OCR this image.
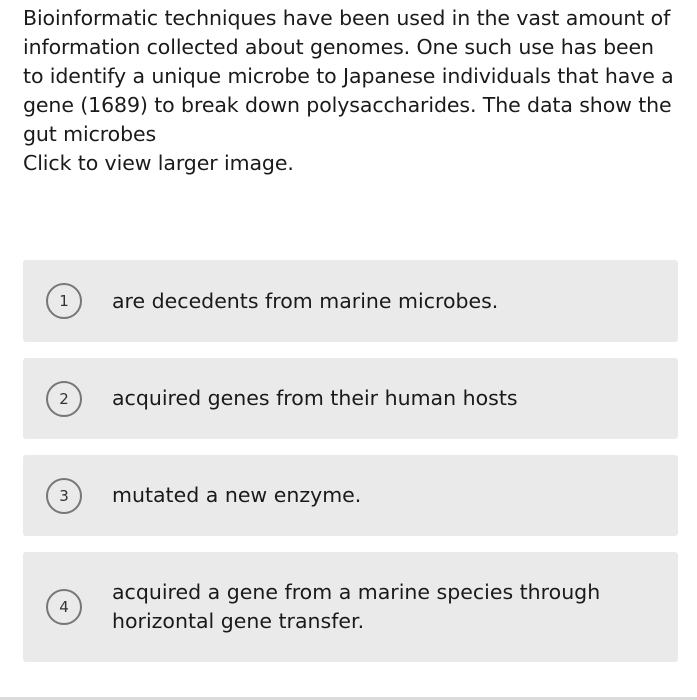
Bioinformatic techniques have been used in the vast amount of information collected about genomes. One such use has been to identify a unique microbe to Japanese individuals that have a gene (1689) to break down polysaccharides. The data show the gut microbes

Click to view larger image.

1	are decedents from marine microbes.
2	acquired genes from their human hosts
3	mutated a new enzyme.
4
acquired a gene from a marine species through horizontal gene transfer.
